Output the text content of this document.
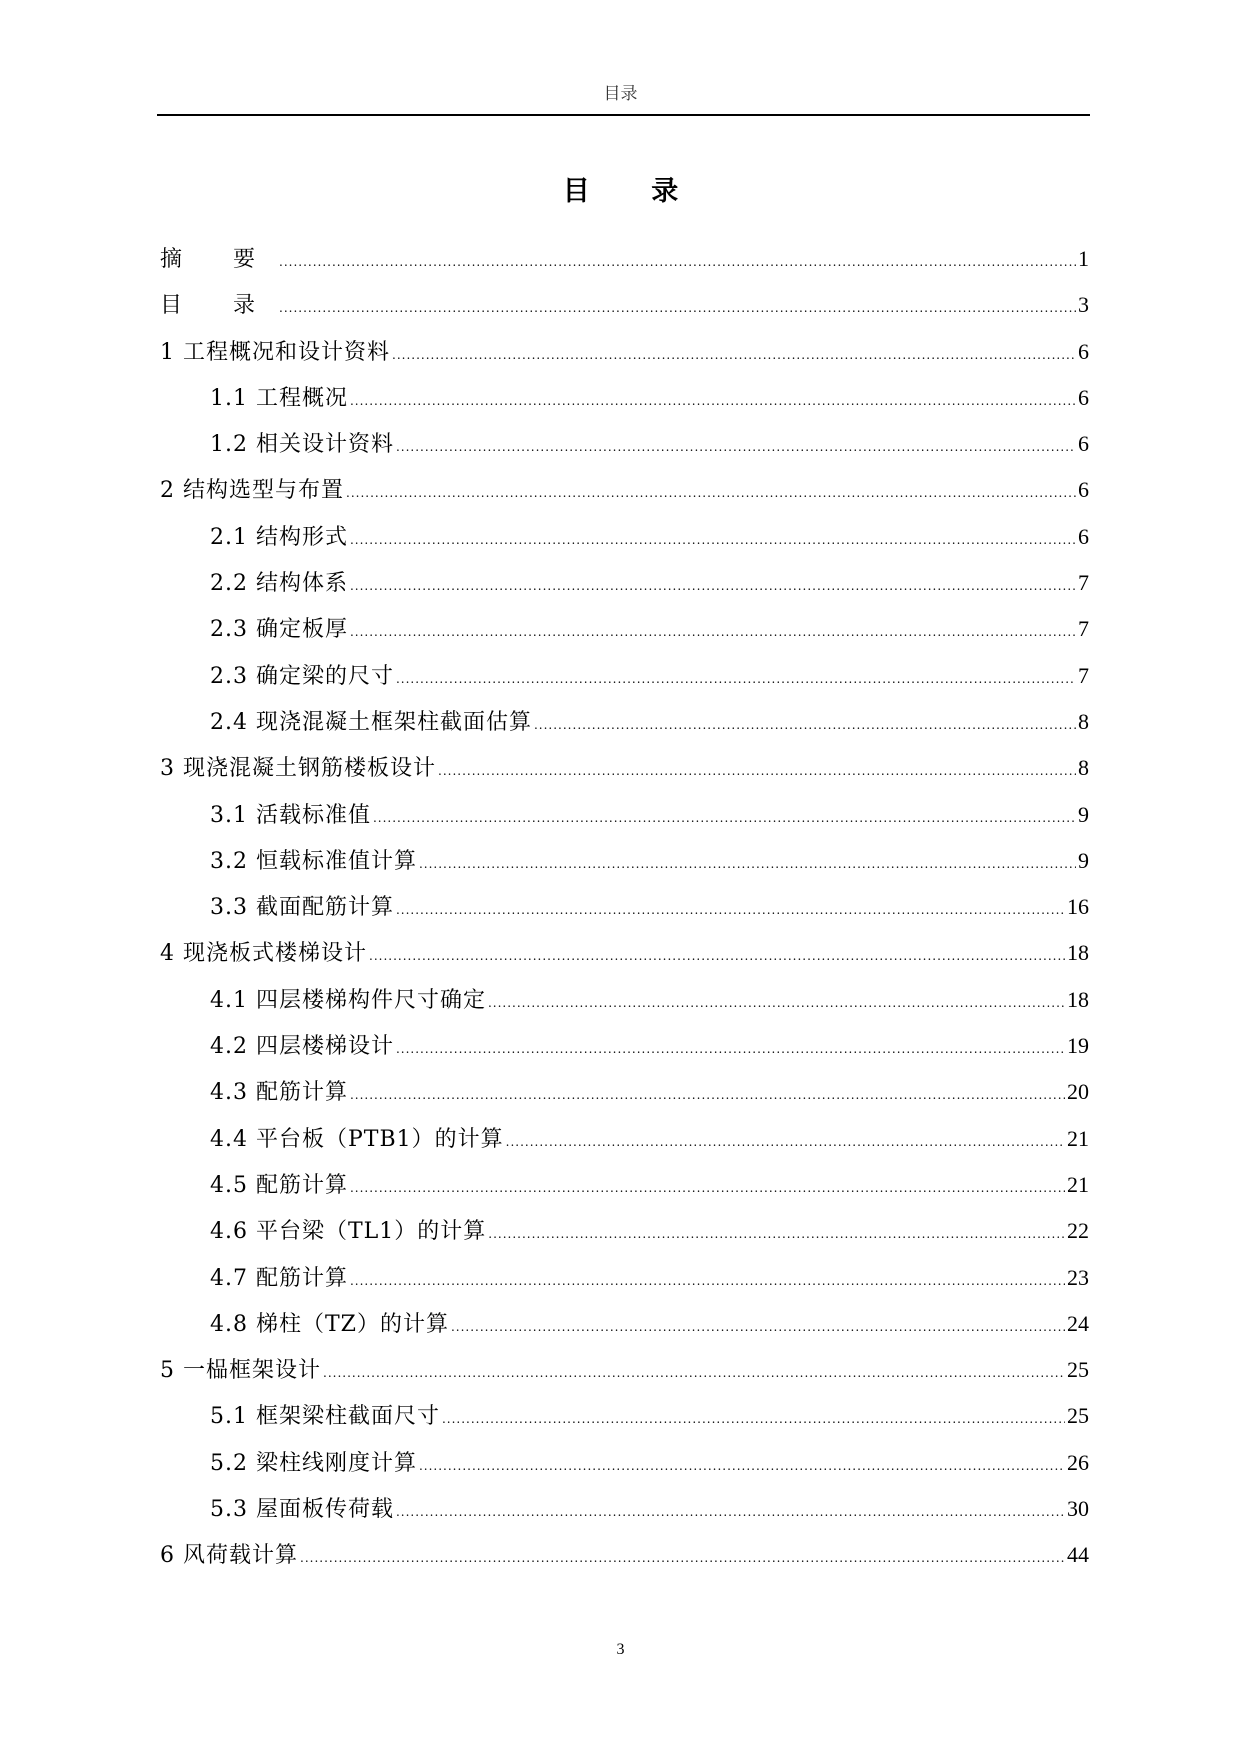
目录
目 录
摘 要 .....	1
目 录 .....	3
1 工程概况和设计资料 .....	6
1.1 工程概况 .....	6
1.2 相关设计资料 .....	6
2 结构选型与布置 .....	6
2.1 结构形式 .....	6
2.2 结构体系 .....	7
2.3 确定板厚 .....	7
2.3 确定梁的尺寸 .....	7
2.4 现浇混凝土框架柱截面估算 .....	8
3 现浇混凝土钢筋楼板设计 .....	8
3.1 活载标准值 .....	9
3.2 恒载标准值计算 .....	9
3.3 截面配筋计算 .....	16
4 现浇板式楼梯设计 .....	18
4.1 四层楼梯构件尺寸确定 .....	18
4.2 四层楼梯设计 .....	19
4.3 配筋计算 .....	20
4.4 平台板（PTB1）的计算 .....	21
4.5 配筋计算 .....	21
4.6 平台梁（TL1）的计算 .....	22
4.7 配筋计算 .....	23
4.8 梯柱（TZ）的计算 .....	24
5 一榀框架设计 .....	25
5.1 框架梁柱截面尺寸 .....	25
5.2 梁柱线刚度计算 .....	26
5.3 屋面板传荷载 .....	30
6 风荷载计算 .....	44
3
